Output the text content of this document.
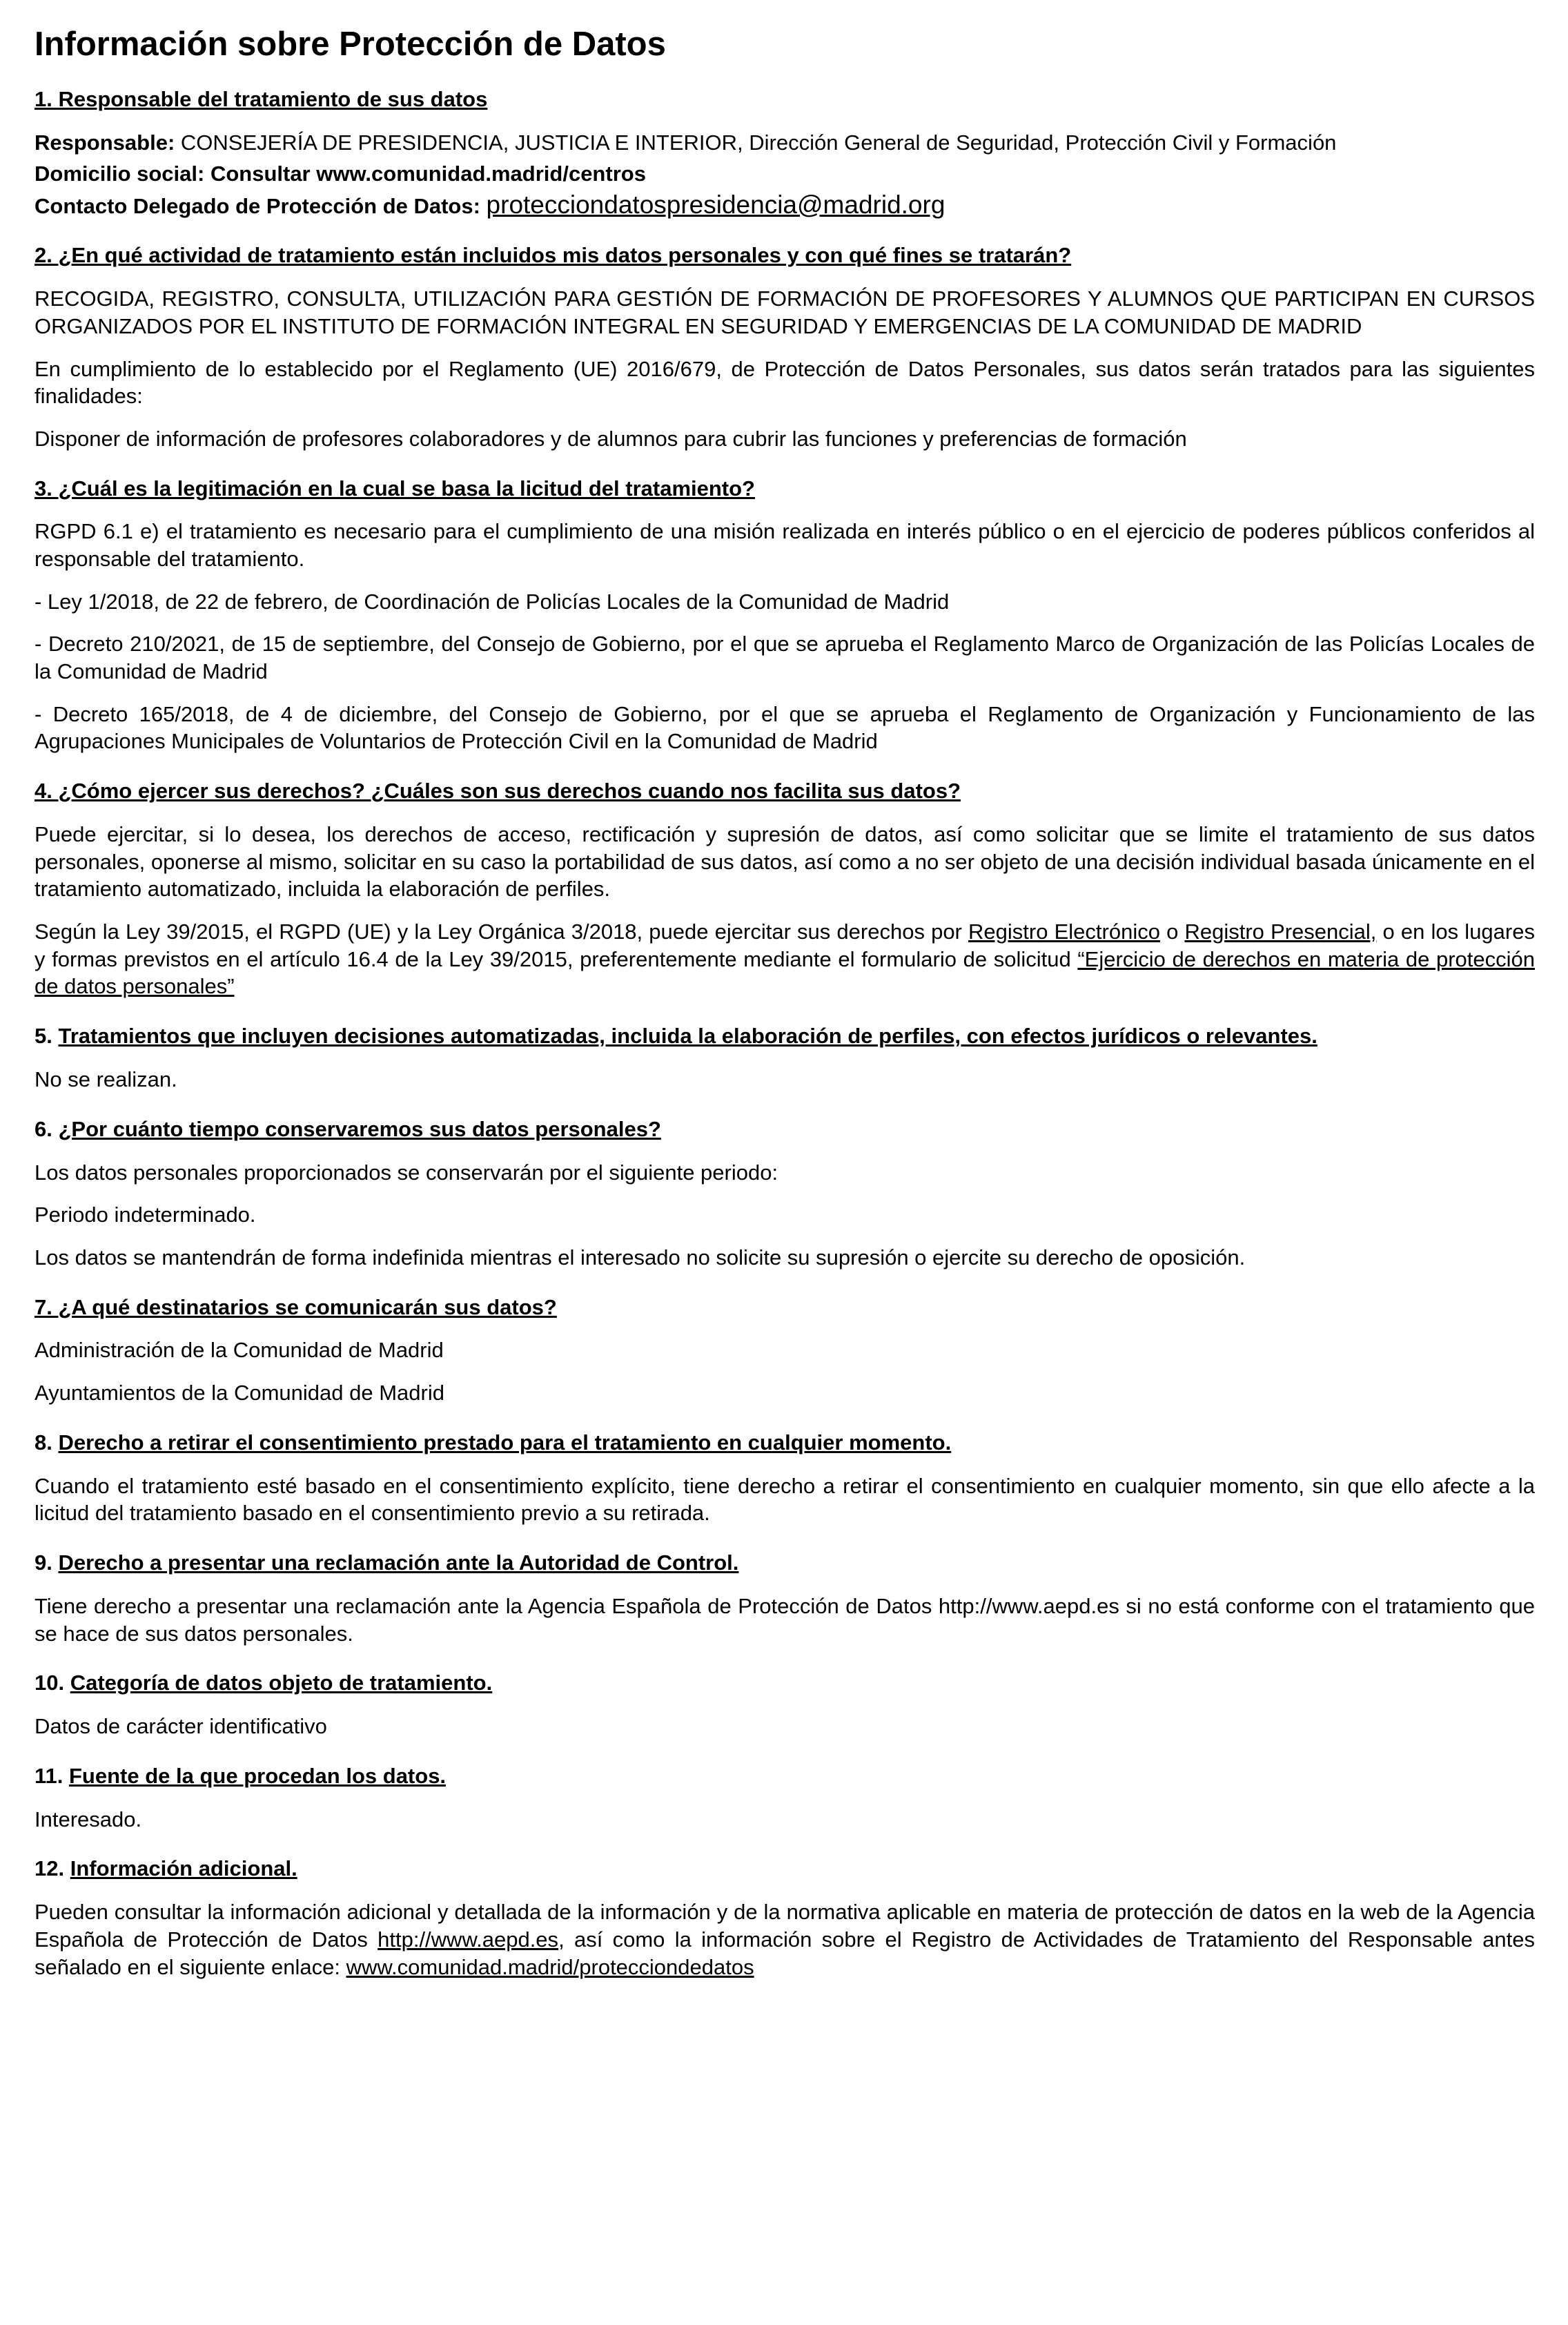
Información sobre Protección de Datos
1. Responsable del tratamiento de sus datos

Responsable: CONSEJERÍA DE PRESIDENCIA, JUSTICIA E INTERIOR, Dirección General de Seguridad, Protección Civil y Formación

Domicilio social: Consultar www.comunidad.madrid/centros

Contacto Delegado de Protección de Datos: protecciondatospresidencia@madrid.org

2. ¿En qué actividad de tratamiento están incluidos mis datos personales y con qué fines se tratarán?

RECOGIDA, REGISTRO, CONSULTA, UTILIZACIÓN PARA GESTIÓN DE FORMACIÓN DE PROFESORES Y ALUMNOS QUE PARTICIPAN EN CURSOS ORGANIZADOS POR EL INSTITUTO DE FORMACIÓN INTEGRAL EN SEGURIDAD Y EMERGENCIAS DE LA COMUNIDAD DE MADRID

En cumplimiento de lo establecido por el Reglamento (UE) 2016/679, de Protección de Datos Personales, sus datos serán tratados para las siguientes finalidades:

Disponer de información de profesores colaboradores y de alumnos para cubrir las funciones y preferencias de formación

3. ¿Cuál es la legitimación en la cual se basa la licitud del tratamiento?

RGPD 6.1 e) el tratamiento es necesario para el cumplimiento de una misión realizada en interés público o en el ejercicio de poderes públicos conferidos al responsable del tratamiento.

- Ley 1/2018, de 22 de febrero, de Coordinación de Policías Locales de la Comunidad de Madrid

- Decreto 210/2021, de 15 de septiembre, del Consejo de Gobierno, por el que se aprueba el Reglamento Marco de Organización de las Policías Locales de la Comunidad de Madrid

- Decreto 165/2018, de 4 de diciembre, del Consejo de Gobierno, por el que se aprueba el Reglamento de Organización y Funcionamiento de las Agrupaciones Municipales de Voluntarios de Protección Civil en la Comunidad de Madrid

4. ¿Cómo ejercer sus derechos? ¿Cuáles son sus derechos cuando nos facilita sus datos?

Puede ejercitar, si lo desea, los derechos de acceso, rectificación y supresión de datos, así como solicitar que se limite el tratamiento de sus datos personales, oponerse al mismo, solicitar en su caso la portabilidad de sus datos, así como a no ser objeto de una decisión individual basada únicamente en el tratamiento automatizado, incluida la elaboración de perfiles.

Según la Ley 39/2015, el RGPD (UE) y la Ley Orgánica 3/2018, puede ejercitar sus derechos por Registro Electrónico o Registro Presencial, o en los lugares y formas previstos en el artículo 16.4 de la Ley 39/2015, preferentemente mediante el formulario de solicitud “Ejercicio de derechos en materia de protección de datos personales”

5. Tratamientos que incluyen decisiones automatizadas, incluida la elaboración de perfiles, con efectos jurídicos o relevantes.

No se realizan.

6. ¿Por cuánto tiempo conservaremos sus datos personales?

Los datos personales proporcionados se conservarán por el siguiente periodo:

Periodo indeterminado.

Los datos se mantendrán de forma indefinida mientras el interesado no solicite su supresión o ejercite su derecho de oposición.

7. ¿A qué destinatarios se comunicarán sus datos?

Administración de la Comunidad de Madrid

Ayuntamientos de la Comunidad de Madrid

8. Derecho a retirar el consentimiento prestado para el tratamiento en cualquier momento.

Cuando el tratamiento esté basado en el consentimiento explícito, tiene derecho a retirar el consentimiento en cualquier momento, sin que ello afecte a la licitud del tratamiento basado en el consentimiento previo a su retirada.

9. Derecho a presentar una reclamación ante la Autoridad de Control.

Tiene derecho a presentar una reclamación ante la Agencia Española de Protección de Datos http://www.aepd.es si no está conforme con el tratamiento que se hace de sus datos personales.

10. Categoría de datos objeto de tratamiento.

Datos de carácter identificativo

11. Fuente de la que procedan los datos.

Interesado.

12. Información adicional.

Pueden consultar la información adicional y detallada de la información y de la normativa aplicable en materia de protección de datos en la web de la Agencia Española de Protección de Datos http://www.aepd.es, así como la información sobre el Registro de Actividades de Tratamiento del Responsable antes señalado en el siguiente enlace: www.comunidad.madrid/protecciondedatos
